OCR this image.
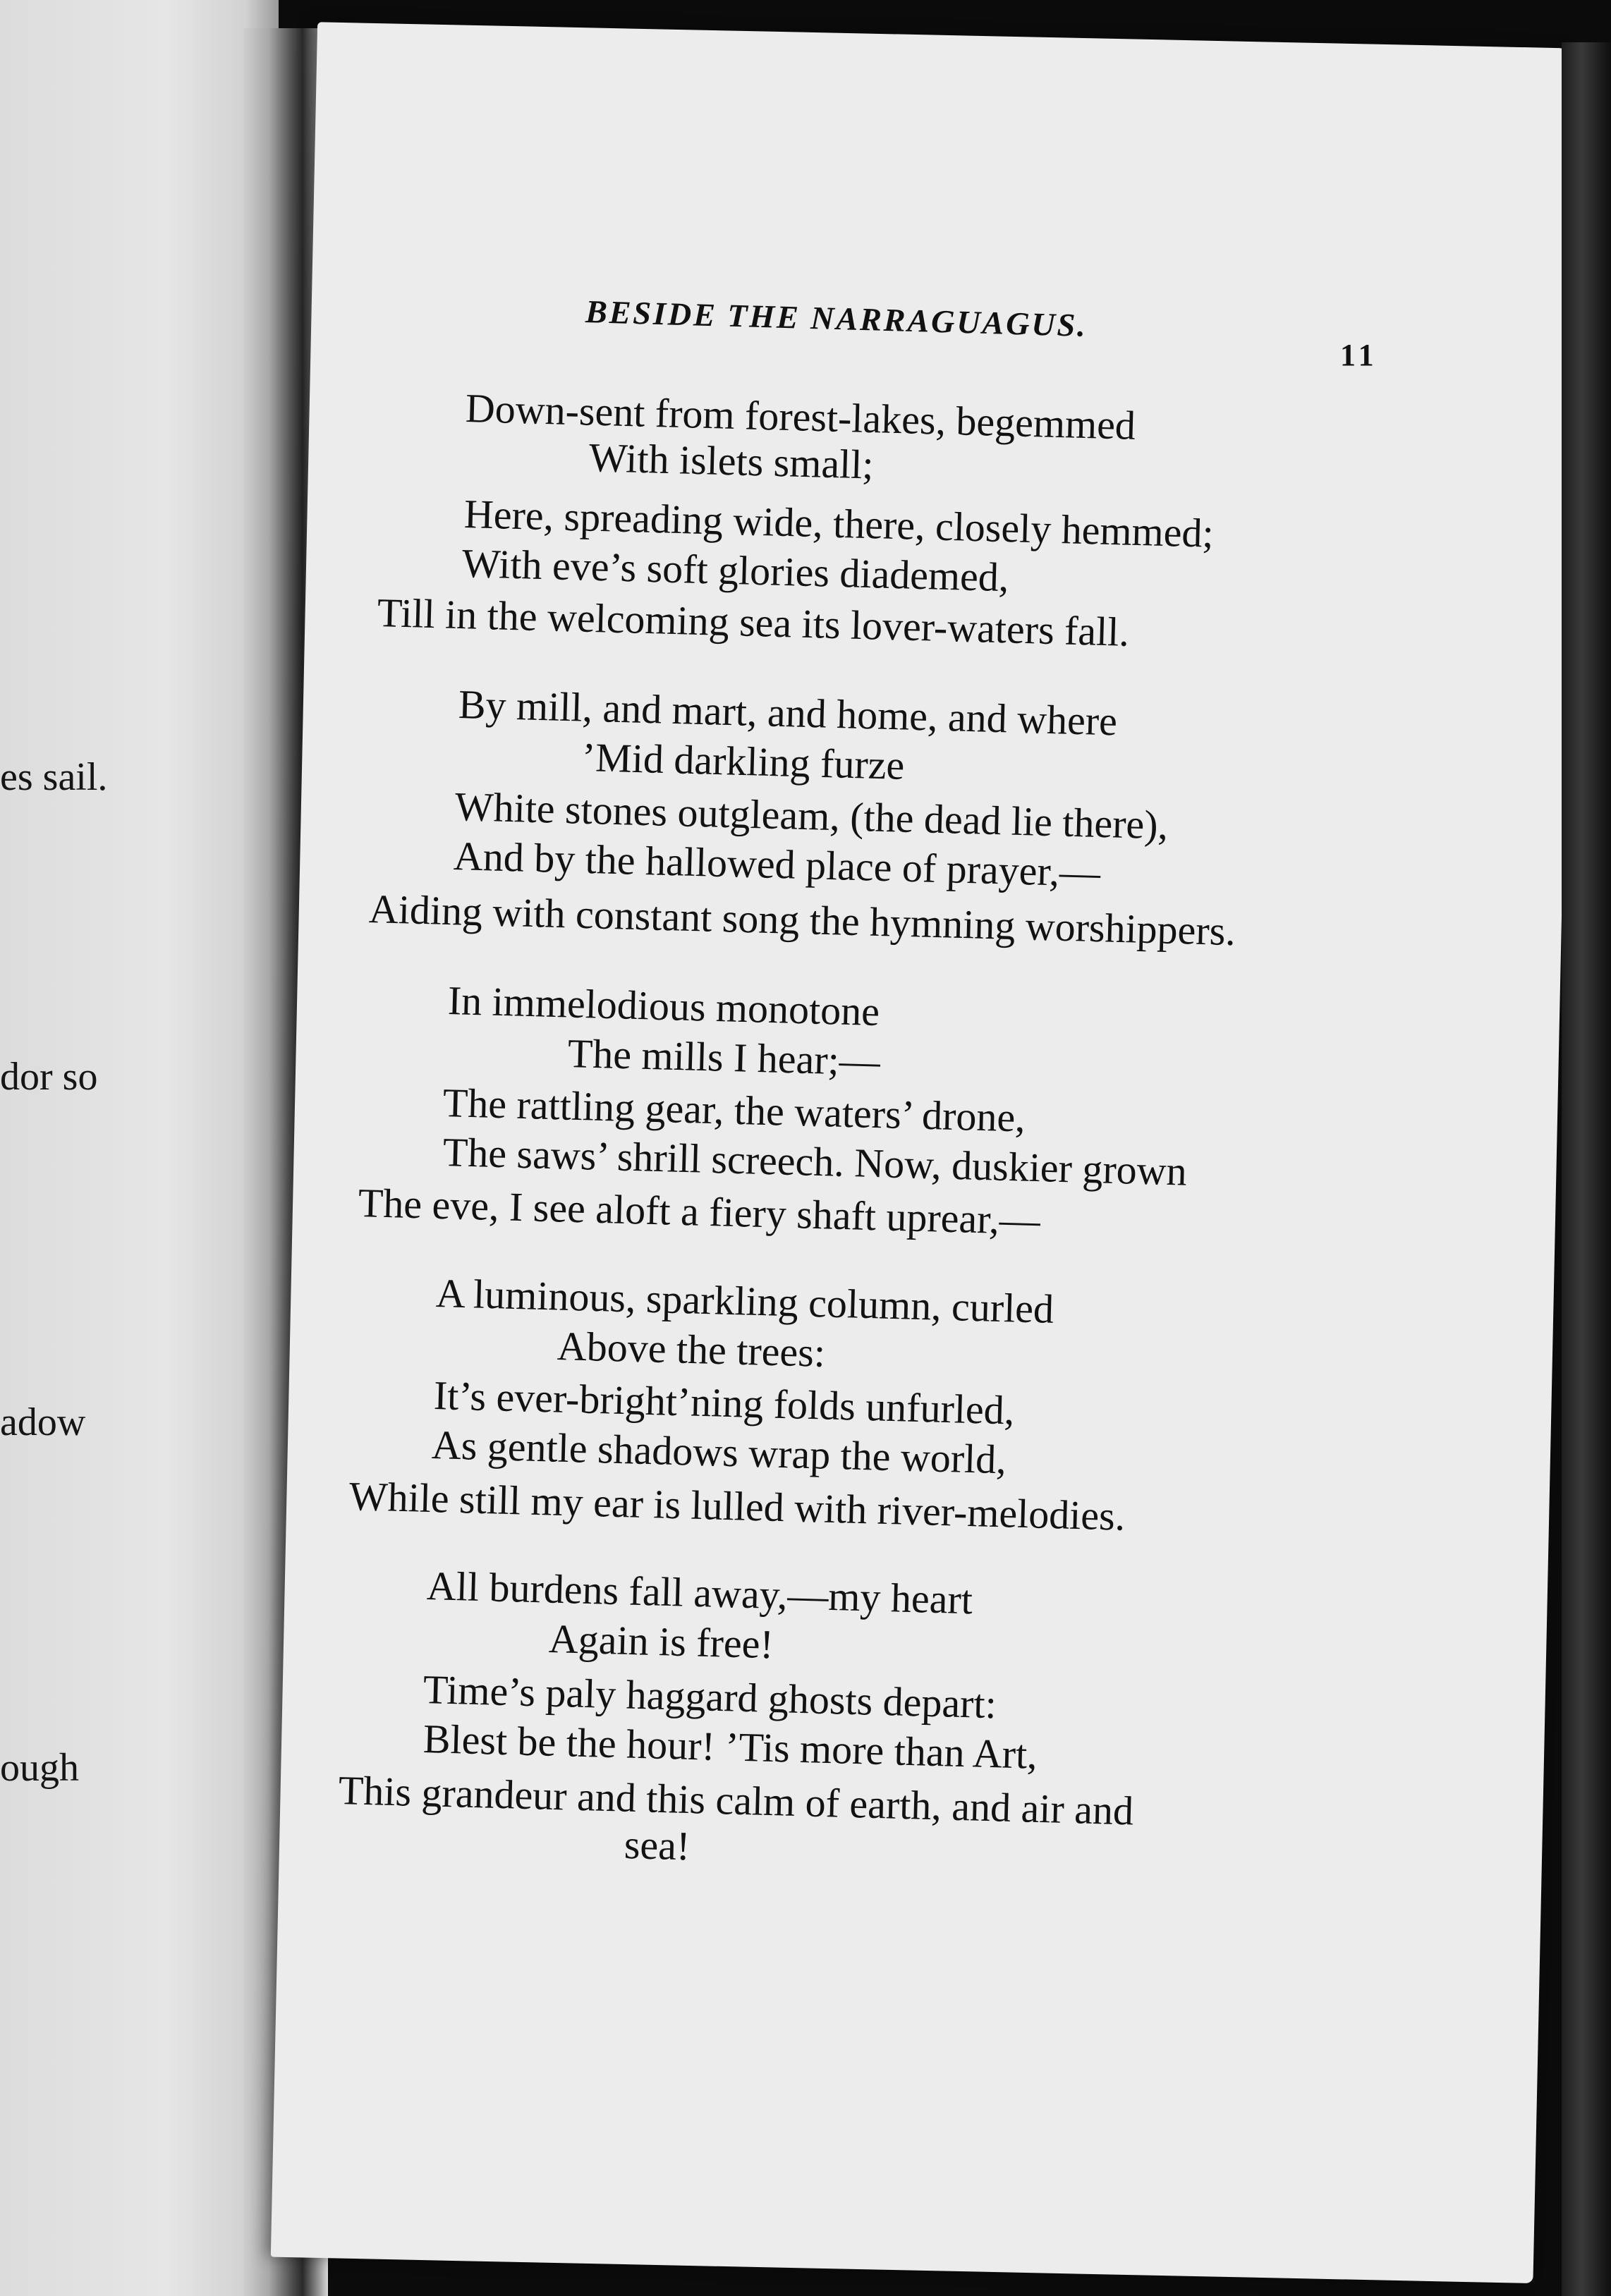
es sail.
dor so
adow
ough
BESIDE THE NARRAGUAGUS.
11
Down-sent from forest-lakes, begemmed
With islets small;
Here, spreading wide, there, closely hemmed;
With eve’s soft glories diademed,
Till in the welcoming sea its lover-waters fall.
By mill, and mart, and home, and where
’Mid darkling furze
White stones outgleam, (the dead lie there),
And by the hallowed place of prayer,—
Aiding with constant song the hymning worshippers.
In immelodious monotone
The mills I hear;—
The rattling gear, the waters’ drone,
The saws’ shrill screech. Now, duskier grown
The eve, I see aloft a fiery shaft uprear,—
A luminous, sparkling column, curled
Above the trees:
It’s ever-bright’ning folds unfurled,
As gentle shadows wrap the world,
While still my ear is lulled with river-melodies.
All burdens fall away,—my heart
Again is free!
Time’s paly haggard ghosts depart:
Blest be the hour! ’Tis more than Art,
This grandeur and this calm of earth, and air and
sea!
